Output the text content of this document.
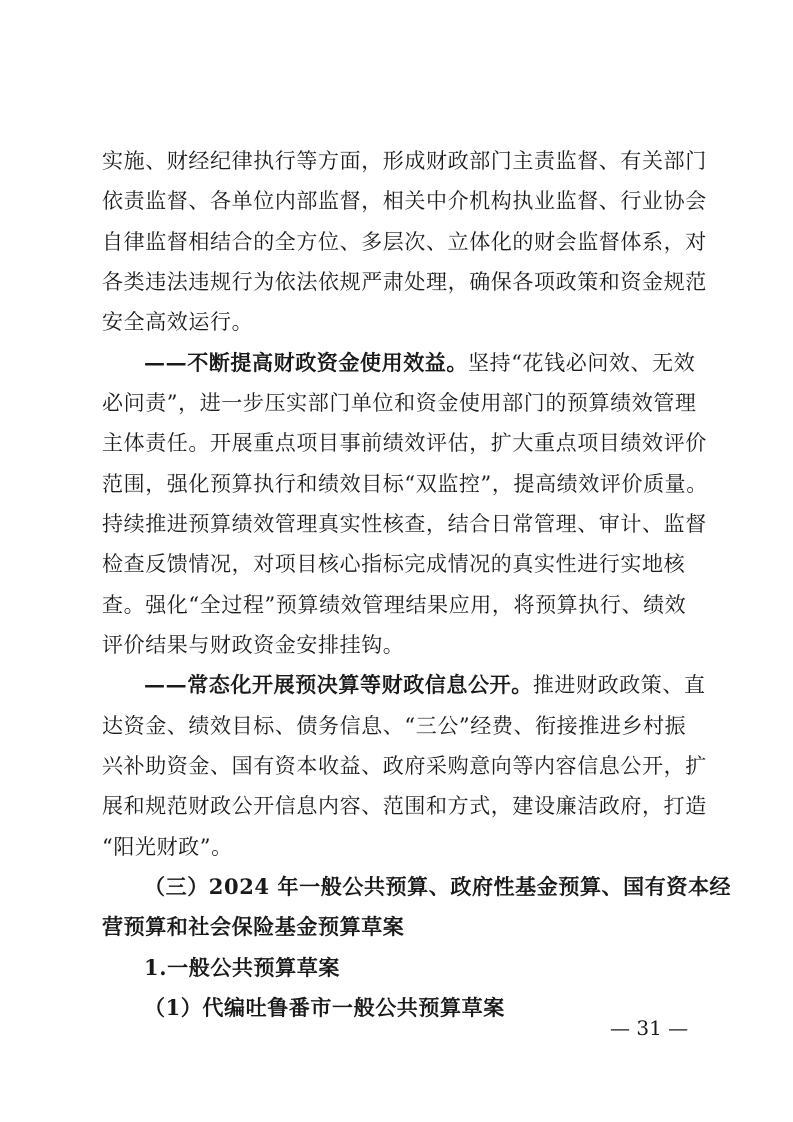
实施、财经纪律执行等方面，形成财政部门主责监督、有关部门
依责监督、各单位内部监督，相关中介机构执业监督、行业协会
自律监督相结合的全方位、多层次、立体化的财会监督体系，对
各类违法违规行为依法依规严肃处理，确保各项政策和资金规范
安全高效运行。
——不断提高财政资金使用效益。坚持“花钱必问效、无效
必问责”，进一步压实部门单位和资金使用部门的预算绩效管理
主体责任。开展重点项目事前绩效评估，扩大重点项目绩效评价
范围，强化预算执行和绩效目标“双监控”，提高绩效评价质量。
持续推进预算绩效管理真实性核查，结合日常管理、审计、监督
检查反馈情况，对项目核心指标完成情况的真实性进行实地核
查。强化“全过程”预算绩效管理结果应用，将预算执行、绩效
评价结果与财政资金安排挂钩。
——常态化开展预决算等财政信息公开。推进财政政策、直
达资金、绩效目标、债务信息、“三公”经费、衔接推进乡村振
兴补助资金、国有资本收益、政府采购意向等内容信息公开，扩
展和规范财政公开信息内容、范围和方式，建设廉洁政府，打造
“阳光财政”。
（三）2024 年一般公共预算、政府性基金预算、国有资本经
营预算和社会保险基金预算草案
1.一般公共预算草案
（1）代编吐鲁番市一般公共预算草案
— 31 —
